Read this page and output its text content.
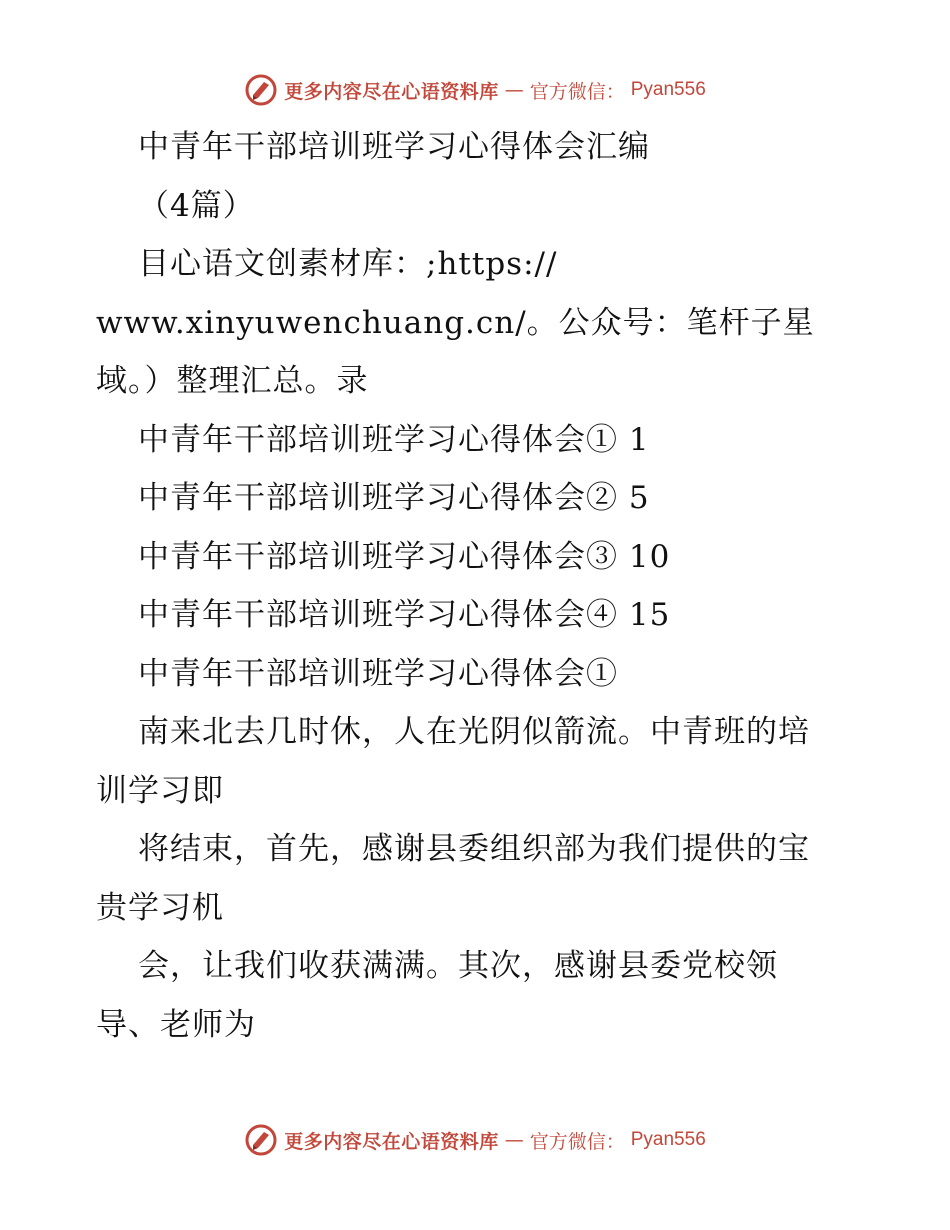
更多内容尽在心语资料库 — 官方微信： Pyan556
中青年干部培训班学习心得体会汇编
（4篇）
目心语文创素材库：;https://
www.xinyuwenchuang.cn/。公众号：笔杆子星
域。）整理汇总。录
中青年干部培训班学习心得体会① 1
中青年干部培训班学习心得体会② 5
中青年干部培训班学习心得体会③ 10
中青年干部培训班学习心得体会④ 15
中青年干部培训班学习心得体会①
南来北去几时休，人在光阴似箭流。中青班的培
训学习即
将结束，首先，感谢县委组织部为我们提供的宝
贵学习机
会，让我们收获满满。其次，感谢县委党校领
导、老师为
更多内容尽在心语资料库 — 官方微信： Pyan556
